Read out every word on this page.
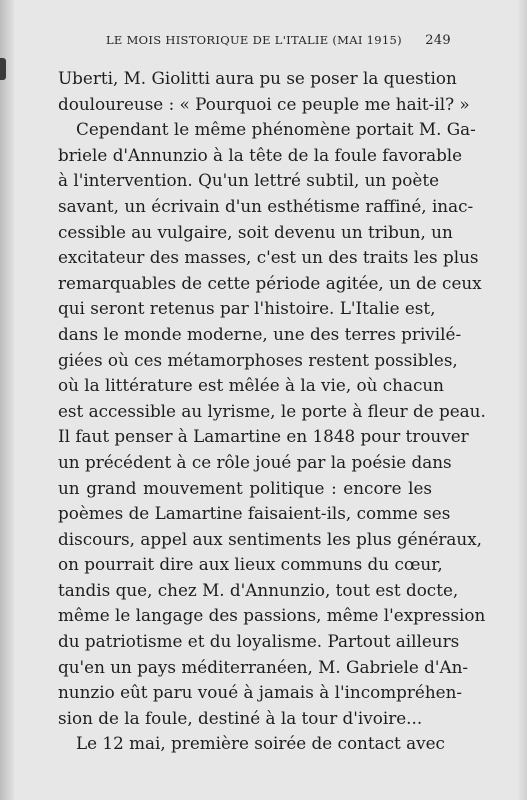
LE MOIS HISTORIQUE DE L'ITALIE (MAI 1915) 249
Uberti, M. Giolitti aura pu se poser la question
douloureuse : « Pourquoi ce peuple me hait-il? »
Cependant le même phénomène portait M. Ga-
briele d'Annunzio à la tête de la foule favorable
à l'intervention. Qu'un lettré subtil, un poète
savant, un écrivain d'un esthétisme raffiné, inac-
cessible au vulgaire, soit devenu un tribun, un
excitateur des masses, c'est un des traits les plus
remarquables de cette période agitée, un de ceux
qui seront retenus par l'histoire. L'Italie est,
dans le monde moderne, une des terres privilé-
giées où ces métamorphoses restent possibles,
où la littérature est mêlée à la vie, où chacun
est accessible au lyrisme, le porte à fleur de peau.
Il faut penser à Lamartine en 1848 pour trouver
un précédent à ce rôle joué par la poésie dans
un grand mouvement politique : encore les
poèmes de Lamartine faisaient-ils, comme ses
discours, appel aux sentiments les plus généraux,
on pourrait dire aux lieux communs du cœur,
tandis que, chez M. d'Annunzio, tout est docte,
même le langage des passions, même l'expression
du patriotisme et du loyalisme. Partout ailleurs
qu'en un pays méditerranéen, M. Gabriele d'An-
nunzio eût paru voué à jamais à l'incompréhen-
sion de la foule, destiné à la tour d'ivoire...
Le 12 mai, première soirée de contact avec
